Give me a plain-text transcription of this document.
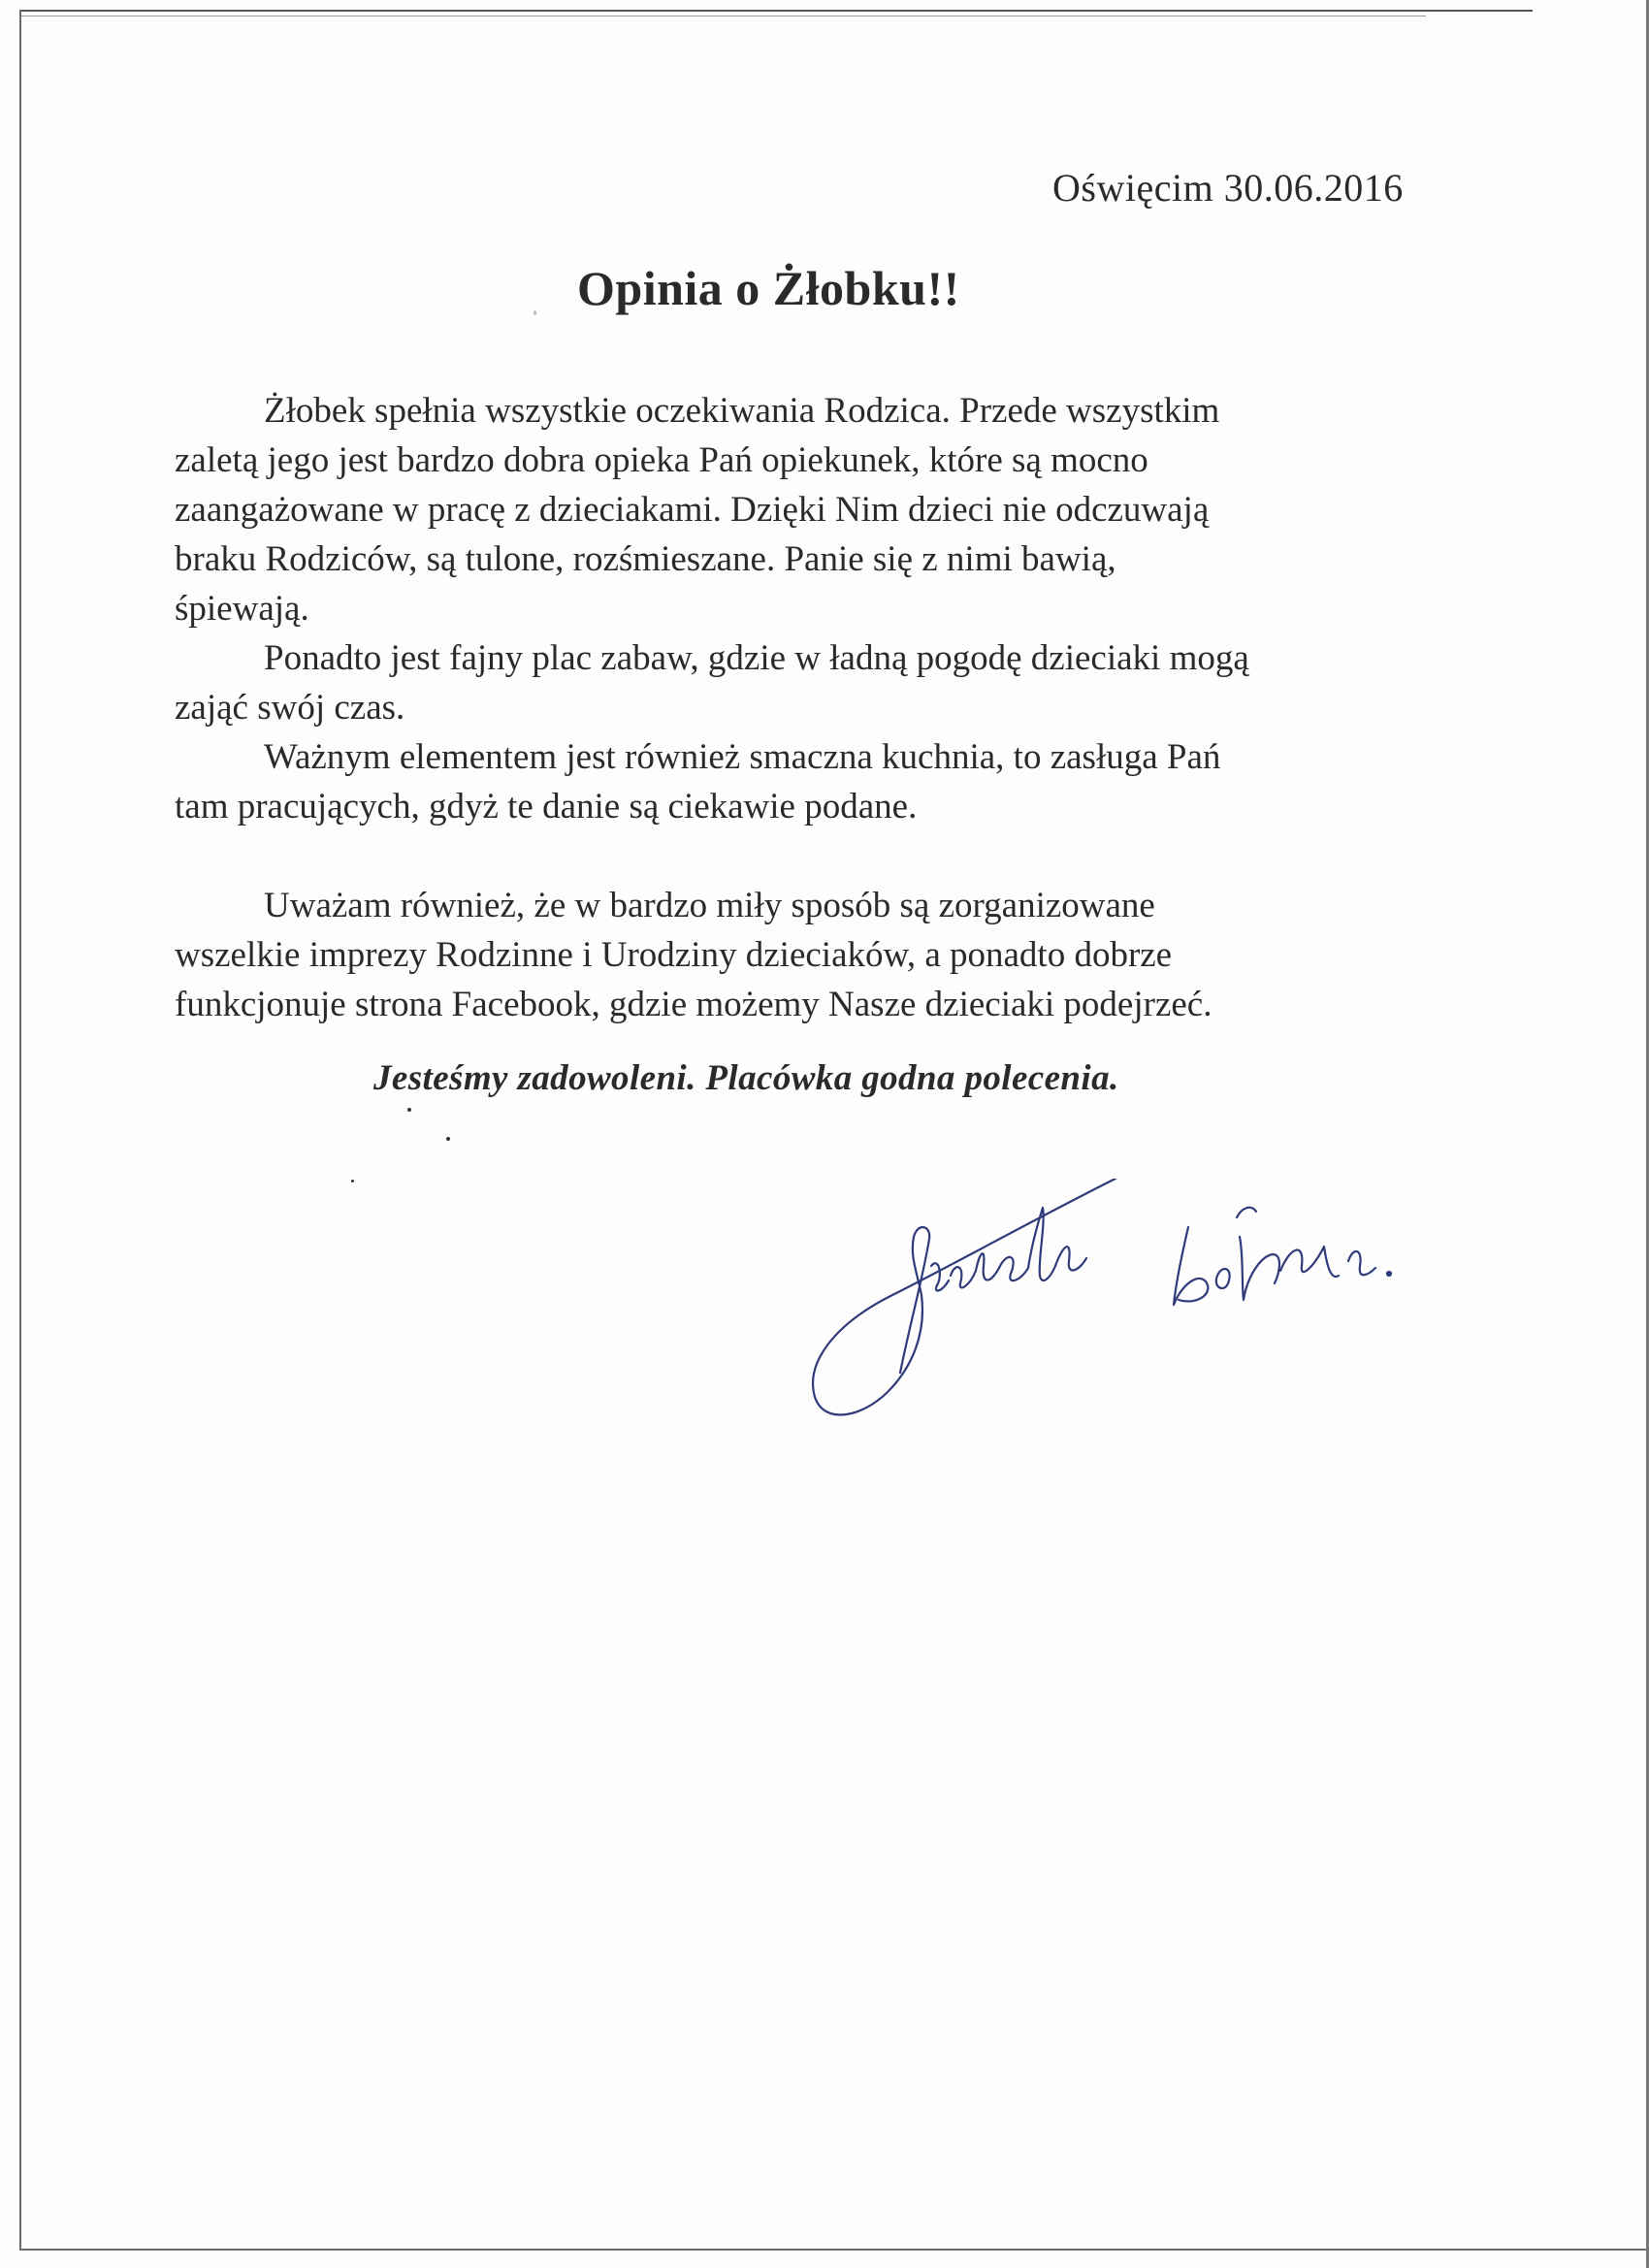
Oświęcim 30.06.2016
Opinia o Żłobku!!
Żłobek spełnia wszystkie oczekiwania Rodzica. Przede wszystkim
zaletą jego jest bardzo dobra opieka Pań opiekunek, które są mocno
zaangażowane w pracę z dzieciakami. Dzięki Nim dzieci nie odczuwają
braku Rodziców, są tulone, rozśmieszane. Panie się z nimi bawią,
śpiewają.
Ponadto jest fajny plac zabaw, gdzie w ładną pogodę dzieciaki mogą
zająć swój czas.
Ważnym elementem jest również smaczna kuchnia, to zasługa Pań
tam pracujących, gdyż te danie są ciekawie podane.
Uważam również, że w bardzo miły sposób są zorganizowane
wszelkie imprezy Rodzinne i Urodziny dzieciaków, a ponadto dobrze
funkcjonuje strona Facebook, gdzie możemy Nasze dzieciaki podejrzeć.
Jesteśmy zadowoleni. Placówka godna polecenia.
